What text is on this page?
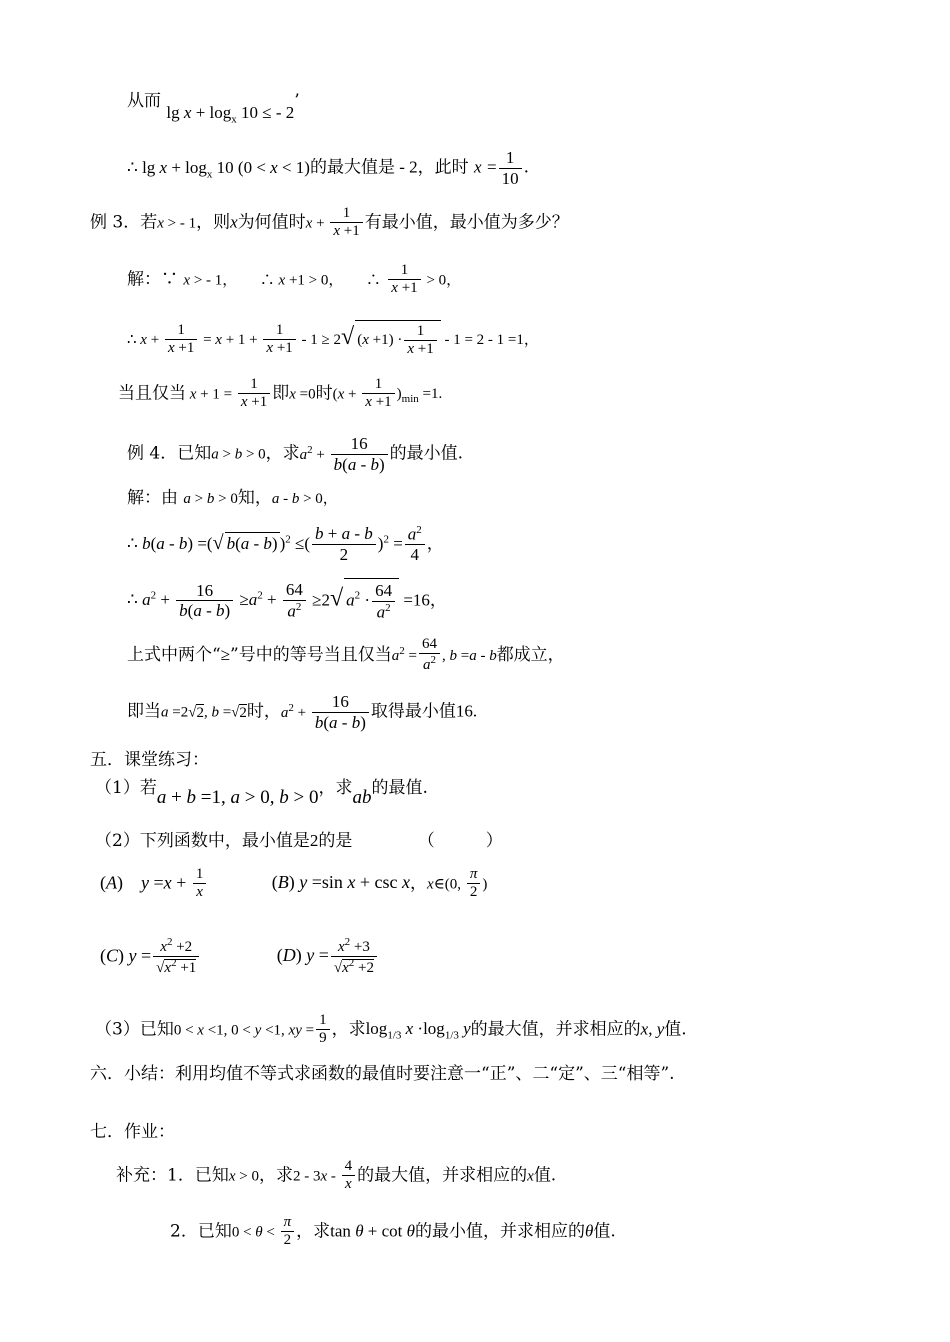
从而 $\lg x + \log_x 10$ ≤ - 2’
∴ $\lg x + \log_x 10$ (0 < x < 1)的最大值是 - 2，此时 $x = \frac{1}{10}$ .
例 3．若x > - 1，则x为何值时$x + \frac{1}{x +1}$ 有最小值，最小值为多少？
解：∵ x > - 1，　　∴ x +1 > 0，　　∴ $\frac{1}{x +1} > 0$，
∴ $x + \frac{1}{x +1} = x + 1 + \frac{1}{x +1} - 1 \ge 2√$ $(x +1) \cdot \frac{1}{x +1} - 1 = 2 - 1 =1$，
当且仅当 $x + 1 = \frac{1}{x +1}$ 即x =0时$(x + \frac{1}{x +1} )_{min} =1$.
例 4．已知a > b > 0，求$a^2 + \frac{16}{b(a - b)}$ 的最小值.
解：由 a > b > 0知，a - b > 0，
∴ b(a - b) =(√ b(a - b) )$^2$ ≤( $\frac{b + a - b}{2} )^2 = \frac{a^2}{4}$ ，
∴ $a^2 + \frac{16}{b(a - b)} \ge a^2 + \frac{64}{a^2} \ge 2√$ $a^2 \cdot \frac{64}{a^2} =16$，
上式中两个“≥”号中的等号当且仅当$a^2 = \frac{64}{a^2}$ , b =a - b都成立，
即当a =2√2, b =√2时，$a^2 + \frac{16}{b(a - b)}$ 取得最小值16.
五．课堂练习：
（1）若a + b =1, a > 0, b > 0，求ab的最值.
（2）下列函数中，最小值是2的是	（　　　）
(A)　$y =x + \frac{1}{x}$	(B) y =sin x + csc x，x∈(0, $\frac{\pi}{2}$ )
(C) $y = \frac{x^2 +2}{√x^2 +1}$	(D) $y = \frac{x^2 +3}{√x^2 +2}$
（3）已知0 < x <1, 0 < y <1, xy = $\frac{1}{9}$ ，求$\log_{1/3} x \cdot\log_{1/3}$ y的最大值，并求相应的x, y值.
六．小结：利用均值不等式求函数的最值时要注意一“正”、二“定”、三“相等”.
七．作业：
补充：1．已知x > 0，求$2 - 3x - \frac{4}{x}$ 的最大值，并求相应的x值.
2．已知$0 < \theta < \frac{\pi}{2}$ ，求tan θ + cot θ的最小值，并求相应的θ值.
